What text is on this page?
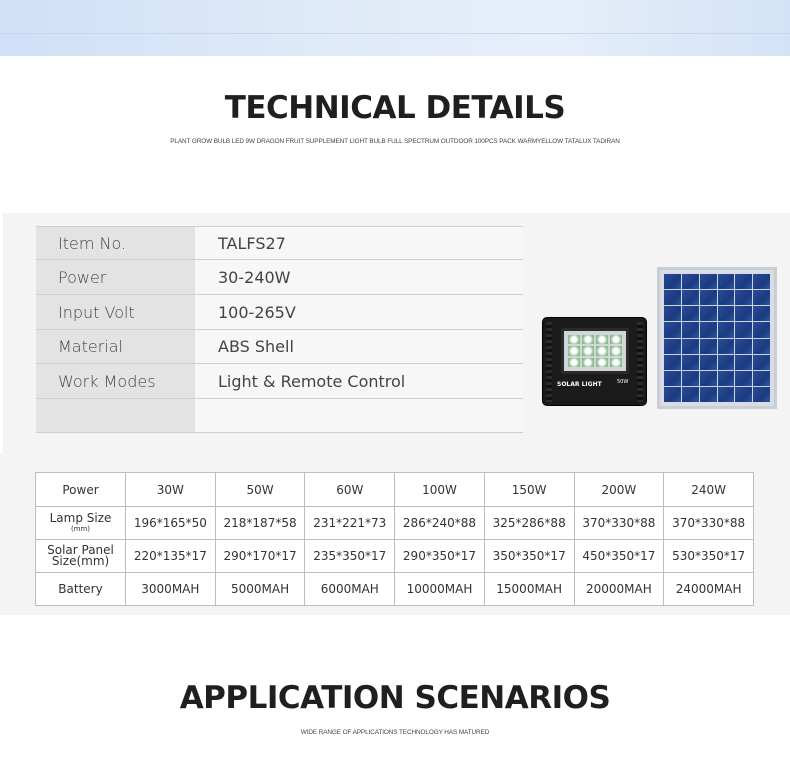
TECHNICAL DETAILS
PLANT GROW BULB LED 9W DRAGON FRUIT SUPPLEMENT LIGHT BULB FULL SPECTRUM OUTDOOR 100PCS PACK WARMYELLOW TATALUX TADIRAN
Item No.	TALFS27
Power	30-240W
Input Volt	100-265V
Material	ABS Shell
Work Modes	Light & Remote Control	SOLAR LIGHT	50W
Power	30W	50W	60W	100W	150W	200W	240W

Lamp Size
(mm)	196*165*50	218*187*58	231*221*73	286*240*88	325*286*88	370*330*88	370*330*88

Solar Panel
Size(mm)	220*135*17	290*170*17	235*350*17	290*350*17	350*350*17	450*350*17	530*350*17
Battery	3000MAH	5000MAH	6000MAH	10000MAH	15000MAH	20000MAH	24000MAH
APPLICATION SCENARIOS
WIDE RANGE OF APPLICATIONS TECHNOLOGY HAS MATURED
